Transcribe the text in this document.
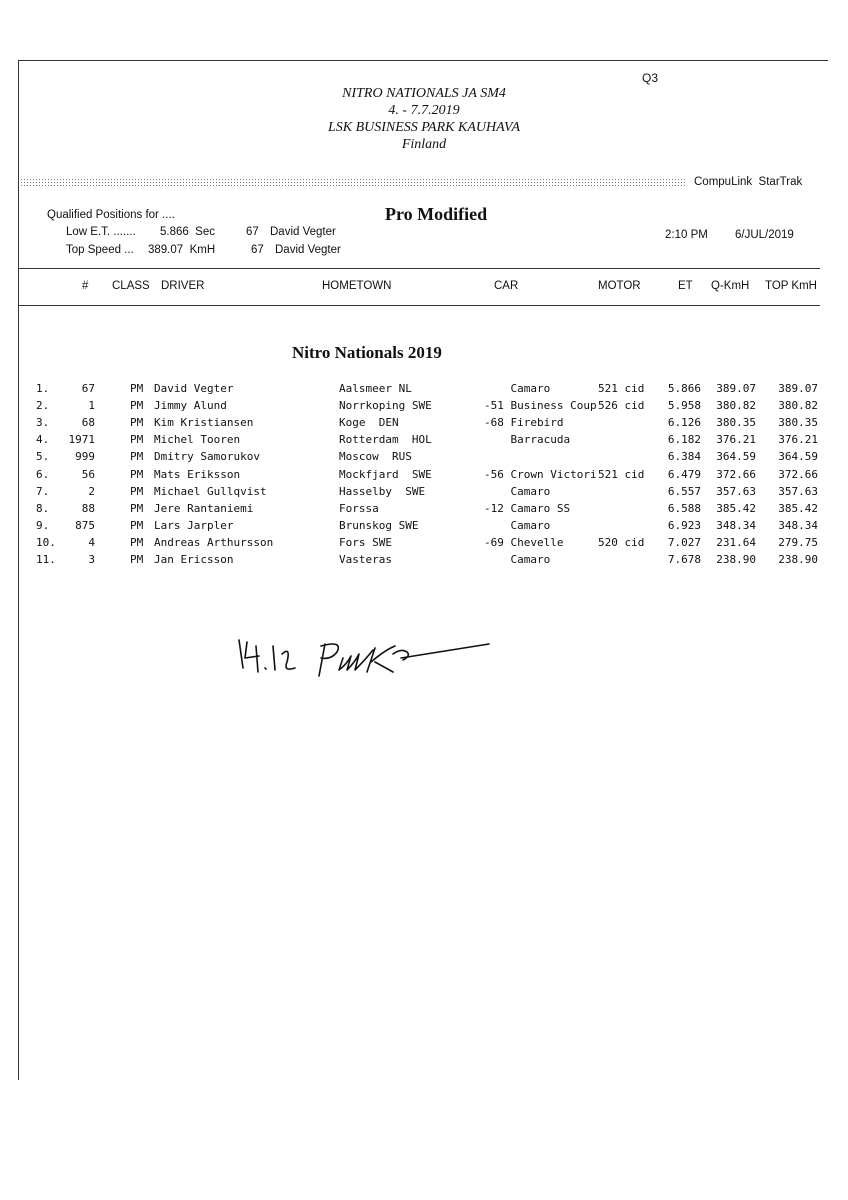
Q3
NITRO NATIONALS JA SM4
4. - 7.7.2019
LSK BUSINESS PARK KAUHAVA
Finland
CompuLink  StarTrak
Qualified Positions for ....	Pro Modified
Low E.T. ....... 5.866  Sec	67 David Vegter
Top Speed ... 389.07  KmH	67 David Vegter
2:10 PM 6/JUL/2019
# CLASS DRIVER	HOMETOWN	CAR	MOTOR	ET Q-KmH TOP KmH
Nitro Nationals 2019
1.	67	PM David Vegter	Aalsmeer NL	Camaro	521 cid 5.866 389.07 389.07
2.	1	PM Jimmy Alund	Norrkoping SWE	-51 Business Coup 526 cid 5.958 380.82 380.82
3.	68	PM Kim Kristiansen	Koge  DEN	-68 Firebird	6.126 380.35 380.35
4. 1971	PM Michel Tooren	Rotterdam  HOL	Barracuda	6.182 376.21 376.21
5. 999	PM Dmitry Samorukov	Moscow  RUS	6.384 364.59 364.59
6.	56	PM Mats Eriksson	Mockfjard  SWE	-56 Crown Victori 521 cid 6.479 372.66 372.66
7.	2	PM Michael Gullqvist	Hasselby  SWE	Camaro	6.557 357.63 357.63
8.	88	PM Jere Rantaniemi	Forssa	-12 Camaro SS	6.588 385.42 385.42
9. 875	PM Lars Jarpler	Brunskog SWE	Camaro	6.923 348.34 348.34
10.	4	PM Andreas Arthursson	Fors SWE	-69 Chevelle	520 cid 7.027 231.64 279.75
11.	3	PM Jan Ericsson	Vasteras	Camaro	7.678 238.90 238.90
